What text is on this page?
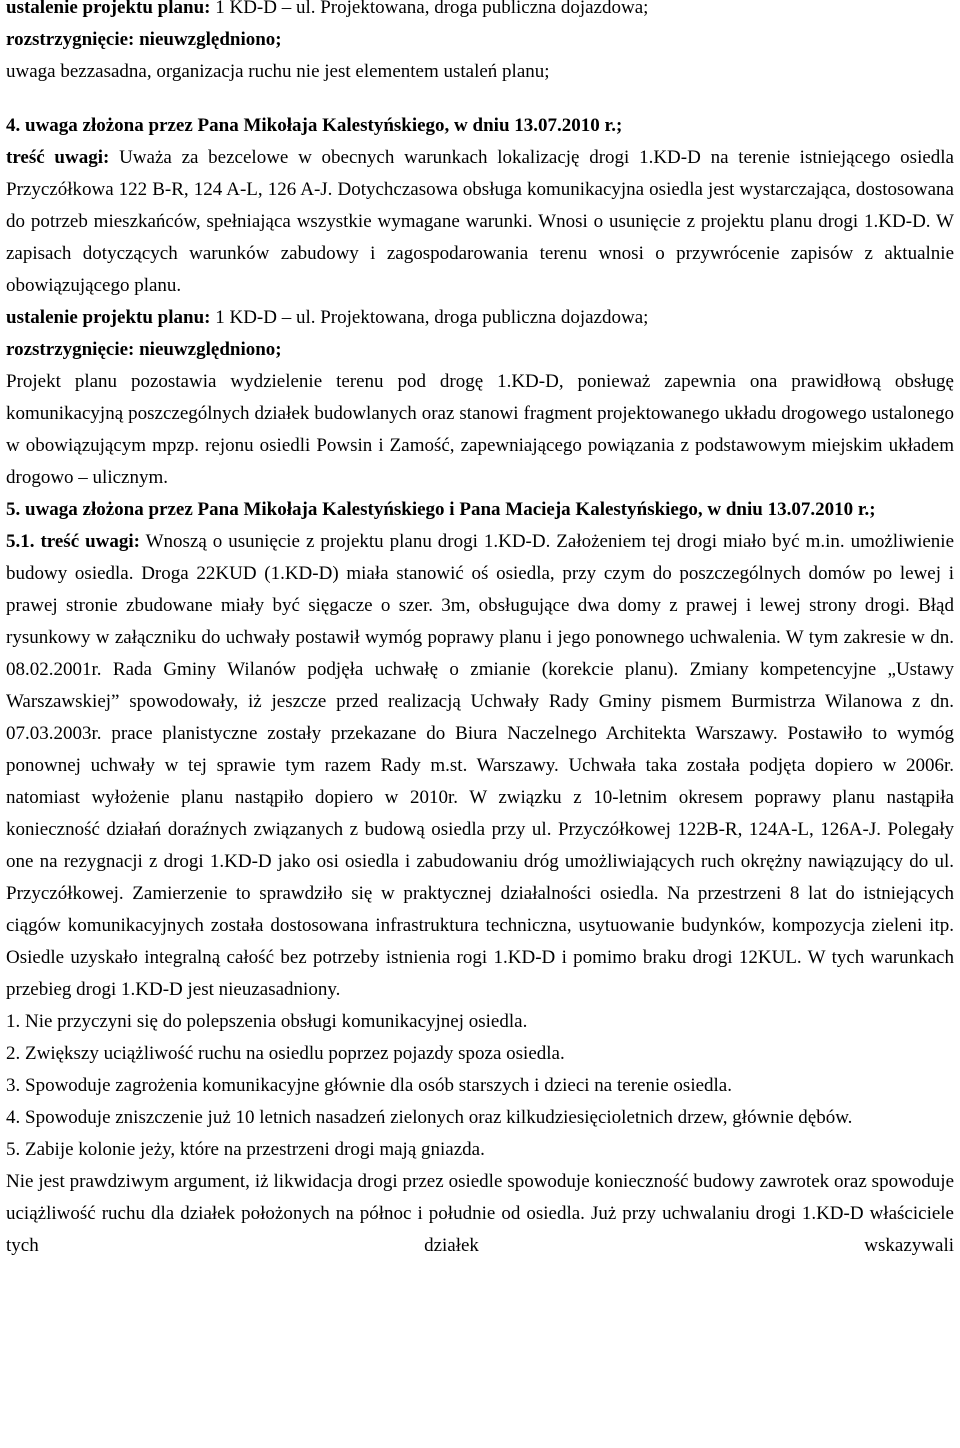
ustalenie projektu planu: 1 KD-D – ul. Projektowana, droga publiczna dojazdowa;

rozstrzygnięcie: nieuwzględniono;

uwaga bezzasadna, organizacja ruchu nie jest elementem ustaleń planu;

4. uwaga złożona przez Pana Mikołaja Kalestyńskiego, w dniu 13.07.2010 r.;

treść uwagi: Uważa za bezcelowe w obecnych warunkach lokalizację drogi 1.KD-D na terenie istniejącego osiedla Przyczółkowa 122 B-R, 124 A-L, 126 A-J. Dotychczasowa obsługa komunikacyjna osiedla jest wystarczająca, dostosowana do potrzeb mieszkańców, spełniająca wszystkie wymagane warunki. Wnosi o usunięcie z projektu planu drogi 1.KD-D. W zapisach dotyczących warunków zabudowy i zagospodarowania terenu wnosi o przywrócenie zapisów z aktualnie obowiązującego planu.

ustalenie projektu planu: 1 KD-D – ul. Projektowana, droga publiczna dojazdowa;

rozstrzygnięcie: nieuwzględniono;

Projekt planu pozostawia wydzielenie terenu pod drogę 1.KD-D, ponieważ zapewnia ona prawidłową obsługę komunikacyjną poszczególnych działek budowlanych oraz stanowi fragment projektowanego układu drogowego ustalonego w obowiązującym mpzp. rejonu osiedli Powsin i Zamość, zapewniającego powiązania z podstawowym miejskim układem drogowo – ulicznym.

5. uwaga złożona przez Pana Mikołaja Kalestyńskiego i Pana Macieja Kalestyńskiego, w dniu 13.07.2010 r.;

5.1. treść uwagi: Wnoszą o usunięcie z projektu planu drogi 1.KD-D. Założeniem tej drogi miało być m.in. umożliwienie budowy osiedla. Droga 22KUD (1.KD-D) miała stanowić oś osiedla, przy czym do poszczególnych domów po lewej i prawej stronie zbudowane miały być sięgacze o szer. 3m, obsługujące dwa domy z prawej i lewej strony drogi. Błąd rysunkowy w załączniku do uchwały postawił wymóg poprawy planu i jego ponownego uchwalenia. W tym zakresie w dn. 08.02.2001r. Rada Gminy Wilanów podjęła uchwałę o zmianie (korekcie planu). Zmiany kompetencyjne „Ustawy Warszawskiej” spowodowały, iż jeszcze przed realizacją Uchwały Rady Gminy pismem Burmistrza Wilanowa z dn. 07.03.2003r. prace planistyczne zostały przekazane do Biura Naczelnego Architekta Warszawy. Postawiło to wymóg ponownej uchwały w tej sprawie tym razem Rady m.st. Warszawy. Uchwała taka została podjęta dopiero w 2006r. natomiast wyłożenie planu nastąpiło dopiero w 2010r. W związku z 10-letnim okresem poprawy planu nastąpiła konieczność działań doraźnych związanych z budową osiedla przy ul. Przyczółkowej 122B-R, 124A-L, 126A-J. Polegały one na rezygnacji z drogi 1.KD-D jako osi osiedla i zabudowaniu dróg umożliwiających ruch okrężny nawiązujący do ul. Przyczółkowej. Zamierzenie to sprawdziło się w praktycznej działalności osiedla. Na przestrzeni 8 lat do istniejących ciągów komunikacyjnych została dostosowana infrastruktura techniczna, usytuowanie budynków, kompozycja zieleni itp. Osiedle uzyskało integralną całość bez potrzeby istnienia rogi 1.KD-D i pomimo braku drogi 12KUL. W tych warunkach przebieg drogi 1.KD-D jest nieuzasadniony.

1. Nie przyczyni się do polepszenia obsługi komunikacyjnej osiedla.

2. Zwiększy uciążliwość ruchu na osiedlu poprzez pojazdy spoza osiedla.

3. Spowoduje zagrożenia komunikacyjne głównie dla osób starszych i dzieci na terenie osiedla.

4. Spowoduje zniszczenie już 10 letnich nasadzeń zielonych oraz kilkudziesięcioletnich drzew, głównie dębów.

5. Zabije kolonie jeży, które na przestrzeni drogi mają gniazda.

Nie jest prawdziwym argument, iż likwidacja drogi przez osiedle spowoduje konieczność budowy zawrotek oraz spowoduje uciążliwość ruchu dla działek położonych na północ i południe od osiedla. Już przy uchwalaniu drogi 1.KD-D właściciele tych działek wskazywali
